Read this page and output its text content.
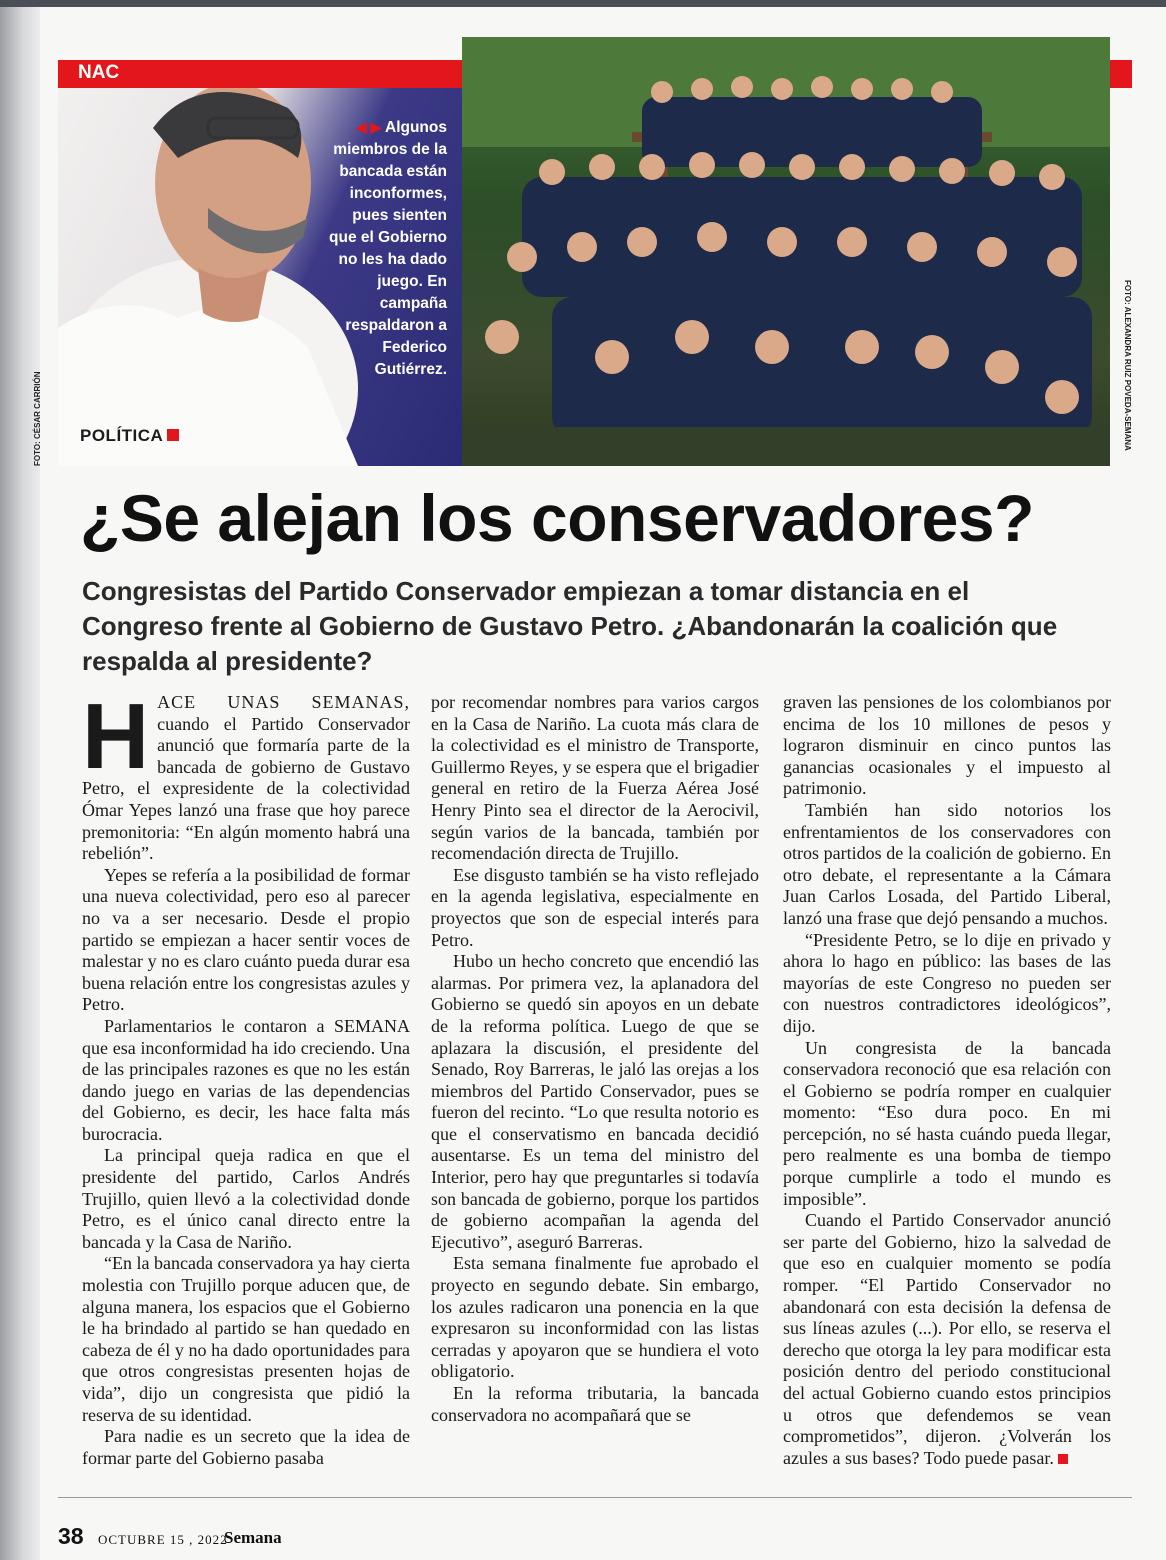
NAC
◀ ▶ Algunos miembros de la bancada están inconformes, pues sienten que el Gobierno no les ha dado juego. En campaña respaldaron a Federico Gutiérrez.
POLÍTICA
FOTO: CÉSAR CARRIÓN	FOTO: ALEXANDRA RUIZ POVEDA-SEMANA
¿Se alejan los conservadores?

Congresistas del Partido Conservador empiezan a tomar distancia en el Congreso frente al Gobierno de Gustavo Petro. ¿Abandonarán la coalición que respalda al presidente?

HACE UNAS SEMANAS, cuando el Partido Conservador anunció que formaría parte de la bancada de gobierno de Gustavo Petro, el expresidente de la colectividad Ómar Yepes lanzó una frase que hoy parece premonitoria: “En algún momento habrá una rebelión”.

Yepes se refería a la posibilidad de formar una nueva colectividad, pero eso al parecer no va a ser necesario. Desde el propio partido se empiezan a hacer sentir voces de malestar y no es claro cuánto pueda durar esa buena relación entre los congresistas azules y Petro.

Parlamentarios le contaron a SEMANA que esa inconformidad ha ido creciendo. Una de las principales razones es que no les están dando juego en varias de las dependencias del Gobierno, es decir, les hace falta más burocracia.

La principal queja radica en que el presidente del partido, Carlos Andrés Trujillo, quien llevó a la colectividad donde Petro, es el único canal directo entre la bancada y la Casa de Nariño.

“En la bancada conservadora ya hay cierta molestia con Trujillo porque aducen que, de alguna manera, los espacios que el Gobierno le ha brindado al partido se han quedado en cabeza de él y no ha dado oportunidades para que otros congresistas presenten hojas de vida”, dijo un congresista que pidió la reserva de su identidad.

Para nadie es un secreto que la idea de formar parte del Gobierno pasaba

por recomendar nombres para varios cargos en la Casa de Nariño. La cuota más clara de la colectividad es el ministro de Transporte, Guillermo Reyes, y se espera que el brigadier general en retiro de la Fuerza Aérea José Henry Pinto sea el director de la Aerocivil, según varios de la bancada, también por recomendación directa de Trujillo.

Ese disgusto también se ha visto reflejado en la agenda legislativa, especialmente en proyectos que son de especial interés para Petro.

Hubo un hecho concreto que encendió las alarmas. Por primera vez, la aplanadora del Gobierno se quedó sin apoyos en un debate de la reforma política. Luego de que se aplazara la discusión, el presidente del Senado, Roy Barreras, le jaló las orejas a los miembros del Partido Conservador, pues se fueron del recinto. “Lo que resulta notorio es que el conservatismo en bancada decidió ausentarse. Es un tema del ministro del Interior, pero hay que preguntarles si todavía son bancada de gobierno, porque los partidos de gobierno acompañan la agenda del Ejecutivo”, aseguró Barreras.

Esta semana finalmente fue aprobado el proyecto en segundo debate. Sin embargo, los azules radicaron una ponencia en la que expresaron su inconformidad con las listas cerradas y apoyaron que se hundiera el voto obligatorio.

En la reforma tributaria, la bancada conservadora no acompañará que se

graven las pensiones de los colombianos por encima de los 10 millones de pesos y lograron disminuir en cinco puntos las ganancias ocasionales y el impuesto al patrimonio.

También han sido notorios los enfrentamientos de los conservadores con otros partidos de la coalición de gobierno. En otro debate, el representante a la Cámara Juan Carlos Losada, del Partido Liberal, lanzó una frase que dejó pensando a muchos.

“Presidente Petro, se lo dije en privado y ahora lo hago en público: las bases de las mayorías de este Congreso no pueden ser con nuestros contradictores ideológicos”, dijo.

Un congresista de la bancada conservadora reconoció que esa relación con el Gobierno se podría romper en cualquier momento: “Eso dura poco. En mi percepción, no sé hasta cuándo pueda llegar, pero realmente es una bomba de tiempo porque cumplirle a todo el mundo es imposible”.

Cuando el Partido Conservador anunció ser parte del Gobierno, hizo la salvedad de que eso en cualquier momento se podía romper. “El Partido Conservador no abandonará con esta decisión la defensa de sus líneas azules (...). Por ello, se reserva el derecho que otorga la ley para modificar esta posición dentro del periodo constitucional del actual Gobierno cuando estos principios u otros que defendemos se vean comprometidos”, dijeron. ¿Volverán los azules a sus bases? Todo puede pasar.

38 OCTUBRE 15 , 2022
Semana
